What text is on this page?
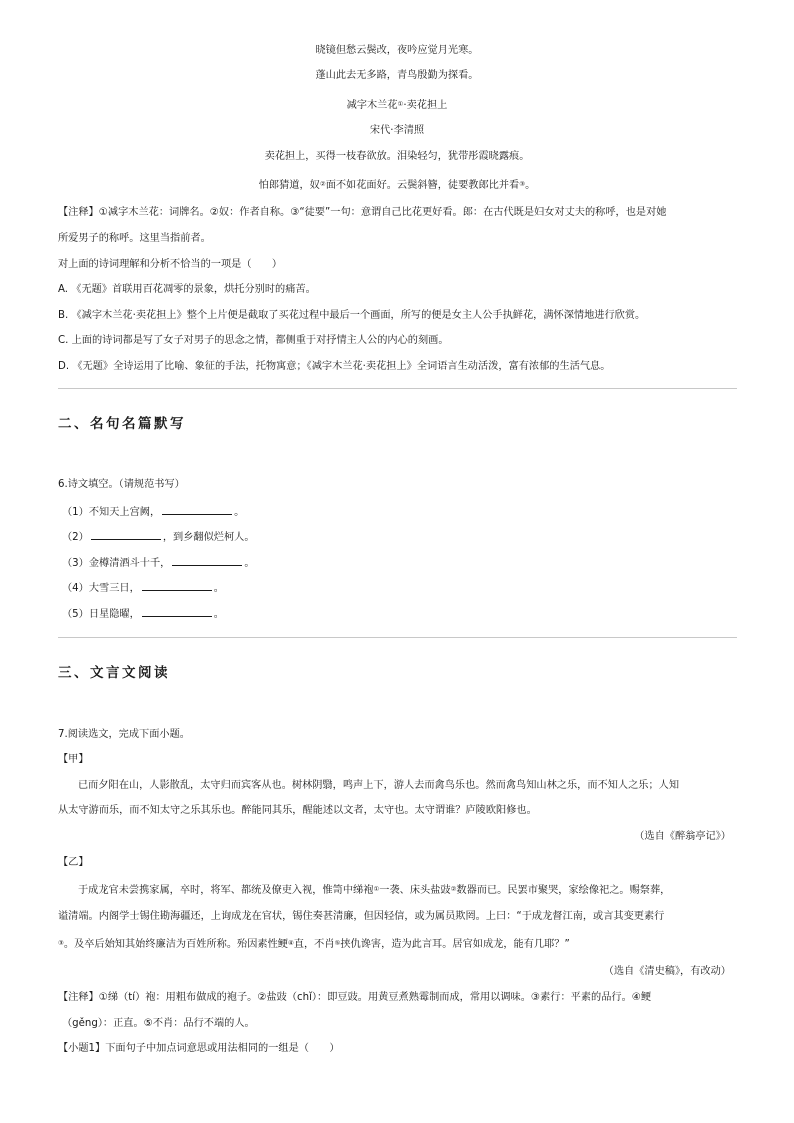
晓镜但愁云鬓改，夜吟应觉月光寒。
蓬山此去无多路，青鸟殷勤为探看。
减字木兰花①·卖花担上
宋代·李清照
卖花担上，买得一枝春欲放。泪染轻匀，犹带彤霞晓露痕。
怕郎猜道，奴②面不如花面好。云鬓斜簪，徒要教郎比并看③。
【注释】①减字木兰花：词牌名。②奴：作者自称。③“徒要”一句：意谓自己比花更好看。郎：在古代既是妇女对丈夫的称呼，也是对她
所爱男子的称呼。这里当指前者。
对上面的诗词理解和分析不恰当的一项是（　　）
A. 《无题》首联用百花凋零的景象，烘托分别时的痛苦。
B. 《减字木兰花·卖花担上》整个上片便是截取了买花过程中最后一个画面，所写的便是女主人公手执鲜花，满怀深情地进行欣赏。
C. 上面的诗词都是写了女子对男子的思念之情，都侧重于对抒情主人公的内心的刻画。
D. 《无题》全诗运用了比喻、象征的手法，托物寓意；《减字木兰花·卖花担上》全词语言生动活泼，富有浓郁的生活气息。
二、名句名篇默写
6.诗文填空。（请规范书写）
（1）不知天上宫阙，	。
（2）	，到乡翻似烂柯人。
（3）金樽清酒斗十千，	。
（4）大雪三日，	。
（5）日星隐曜，	。
三、文言文阅读
7.阅读选文，完成下面小题。
【甲】
已而夕阳在山，人影散乱，太守归而宾客从也。树林阴翳，鸣声上下，游人去而禽鸟乐也。然而禽鸟知山林之乐，而不知人之乐；人知
从太守游而乐，而不知太守之乐其乐也。醉能同其乐，醒能述以文者，太守也。太守谓谁？庐陵欧阳修也。
（选自《醉翁亭记》）
【乙】
于成龙官未尝携家属，卒时，将军、都统及僚吏入视，惟笥中绨袍①一袭、床头盐豉②数器而已。民罢市聚哭，家绘像祀之。赐祭葬，
谥清端。内阁学士锡住勘海疆还，上询成龙在官状，锡住奏甚清廉，但因轻信，或为属员欺罔。上曰：“于成龙督江南，或言其变更素行
③。及卒后始知其始终廉洁为百姓所称。殆因素性鲠④直，不肖⑤挟仇谗害，造为此言耳。居官如成龙，能有几耶？”
（选自《清史稿》，有改动）
【注释】①绨（tí）袍：用粗布做成的袍子。②盐豉（chǐ）：即豆豉。用黄豆煮熟霉制而成，常用以调味。③素行：平素的品行。④鲠
（gěng）：正直。⑤不肖：品行不端的人。
【小题1】下面句子中加点词意思或用法相同的一组是（　　）
